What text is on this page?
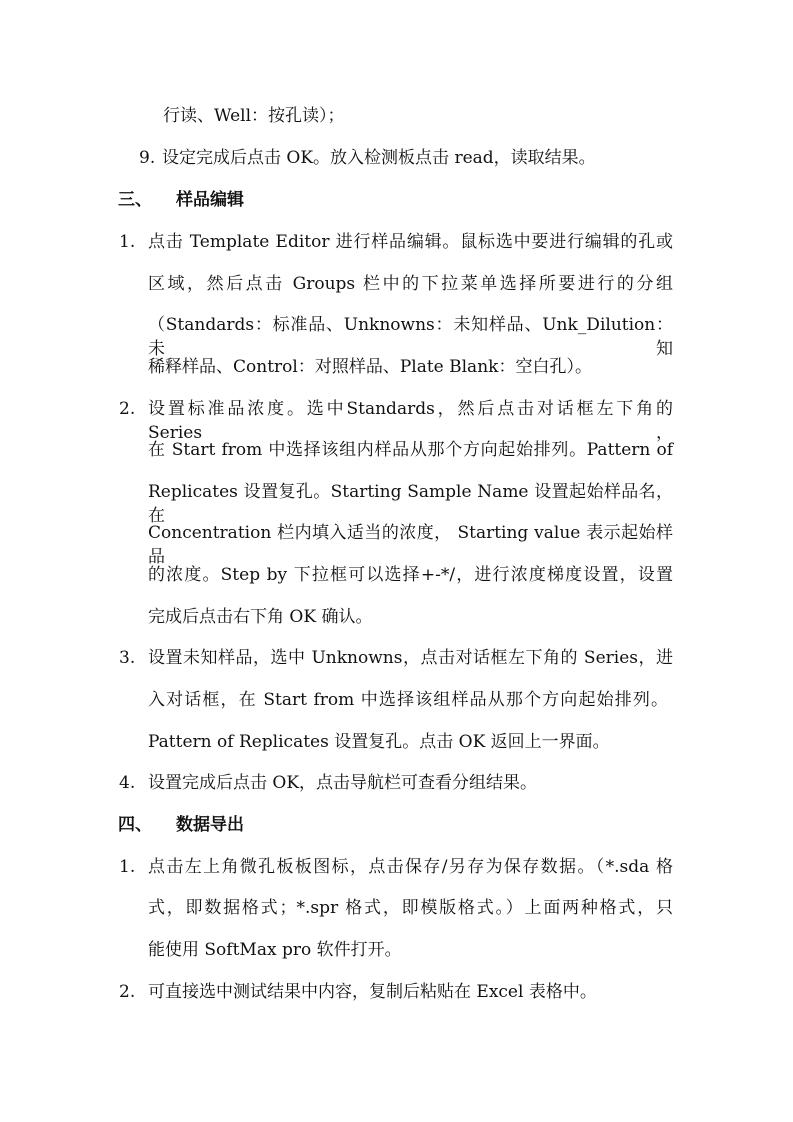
行读、Well：按孔读）；
9. 设定完成后点击 OK。放入检测板点击 read，读取结果。
三、 样品编辑
1. 点击 Template Editor 进行样品编辑。鼠标选中要进行编辑的孔或
区域，然后点击 Groups 栏中的下拉菜单选择所要进行的分组
（Standards：标准品、Unknowns：未知样品、Unk_Dilution：未知
稀释样品、Control：对照样品、Plate Blank：空白孔）。
2. 设置标准品浓度。选中Standards，然后点击对话框左下角的Series，
在 Start from 中选择该组内样品从那个方向起始排列。Pattern of
Replicates 设置复孔。Starting Sample Name 设置起始样品名，在
Concentration 栏内填入适当的浓度， Starting value 表示起始样品
的浓度。Step by 下拉框可以选择+-*/，进行浓度梯度设置，设置
完成后点击右下角 OK 确认。
3. 设置未知样品，选中 Unknowns，点击对话框左下角的 Series，进
入对话框，在 Start from 中选择该组样品从那个方向起始排列。
Pattern of Replicates 设置复孔。点击 OK 返回上一界面。
4. 设置完成后点击 OK，点击导航栏可查看分组结果。
四、 数据导出
1. 点击左上角微孔板板图标，点击保存/另存为保存数据。（*.sda 格
式，即数据格式；*.spr 格式，即模版格式。）上面两种格式，只
能使用 SoftMax pro 软件打开。
2. 可直接选中测试结果中内容，复制后粘贴在 Excel 表格中。
